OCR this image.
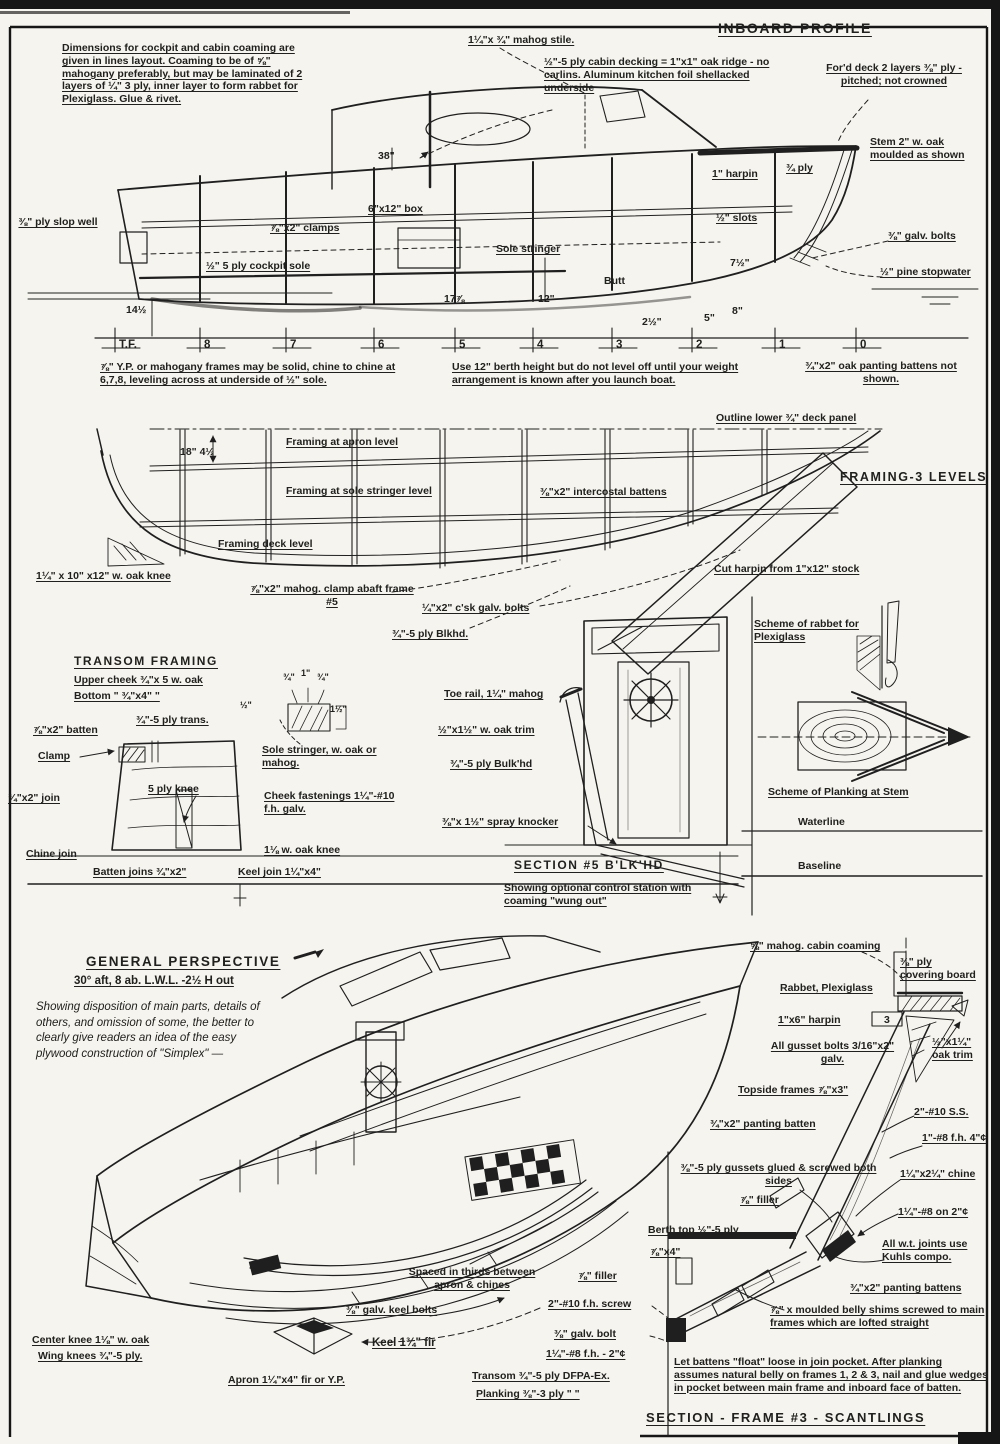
INBOARD PROFILE
Dimensions for cockpit and cabin coaming are given in lines layout. Coaming to be of ⅝" mahogany preferably, but may be laminated of 2 layers of ¼" 3 ply, inner layer to form rabbet for Plexiglass. Glue & rivet.
1¼"x ¾" mahog stile.
½"-5 ply cabin decking = 1"x1" oak ridge - no carlins. Aluminum kitchen foil shellacked underside
For'd deck 2 layers ⅜" ply - pitched; not crowned
Stem 2" w. oak moulded as shown
1" harpin	¾ ply
38"
6"x12" box
⅞"x2" clamps
Sole stringer
½" 5 ply cockpit sole
⅜" ply slop well	½" slots
⅜" galv. bolts
7½"
½" pine stopwater
Butt
12"
17⅞
14½
2½"	5"
8"
T.F.	8	7	6	5	4	3	2	1	0
⅞" Y.P. or mahogany frames may be solid, chine to chine at 6,7,8, leveling across at underside of ½" sole.
Use 12" berth height but do not level off until your weight arrangement is known after you launch boat.
¾"x2" oak panting battens not shown.
Framing at apron level
18" 4½
Framing at sole stringer level
Framing deck level
FRAMING-3 LEVELS
Outline lower ¾" deck panel
⅜"x2" intercostal battens
Cut harpin from 1"x12" stock
1¼" x 10" x12" w. oak knee
⅞"x2" mahog. clamp abaft frame #5
¼"x2" c'sk galv. bolts
¾"-5 ply Blkhd.
TRANSOM FRAMING
Upper cheek ¾"x 5 w. oak
Bottom " ¾"x4" "
⅞"x2" batten
Clamp
¾"-5 ply trans.
5 ply knee
¾"x2" join
Chine join
Batten joins ¾"x2"
¾" 1" ¾"
½"	1½"
Sole stringer, w. oak or mahog.
Cheek fastenings 1¼"-#10 f.h. galv.
1⅛ w. oak knee
Keel join 1¼"x4"
Toe rail, 1¼" mahog
½"x1½" w. oak trim
¾"-5 ply Bulk'hd
⅜"x 1½" spray knocker
SECTION #5 B'LK'HD
Showing optional control station with coaming "wung out"
Scheme of rabbet for Plexiglass
Scheme of Planking at Stem
Waterline
Baseline
GENERAL PERSPECTIVE
30° aft, 8 ab. L.W.L. -2½ H out
Showing disposition of main parts, details of others, and omission of some, the better to clearly give readers an idea of the easy plywood construction of "Simplex" —
Spaced in thirds between apron & chines
⅜" galv. keel bolts
Keel 1¾" fir
Center knee 1⅛" w. oak
Wing knees ¾"-5 ply.
Apron 1¼"x4" fir or Y.P.	Transom ¾"-5 ply DFPA-Ex.
Planking ⅜"-3 ply " "
⅝" mahog. cabin coaming
⅜" ply covering board
Rabbet, Plexiglass
1"x6" harpin	3
All gusset bolts 3/16"x2" galv.
½"x1¼" oak trim
Topside frames ⅞"x3"
¾"x2" panting batten
2"-#10 S.S.
1"-#8 f.h. 4"¢
⅜"-5 ply gussets glued & screwed both sides
⅞" filler
1¼"x2¼" chine
1¼"-#8 on 2"¢
Berth top ½"-5 ply
⅞"x4"
All w.t. joints use Kuhls compo.
¾"x2" panting battens
⅞" x moulded belly shims screwed to main frames which are lofted straight
⅞" filler
2"-#10 f.h. screw
⅜" galv. bolt
1¼"-#8 f.h. - 2"¢
Let battens "float" loose in join pocket. After planking assumes natural belly on frames 1, 2 & 3, nail and glue wedges in pocket between main frame and inboard face of batten.
SECTION - FRAME #3 - SCANTLINGS
